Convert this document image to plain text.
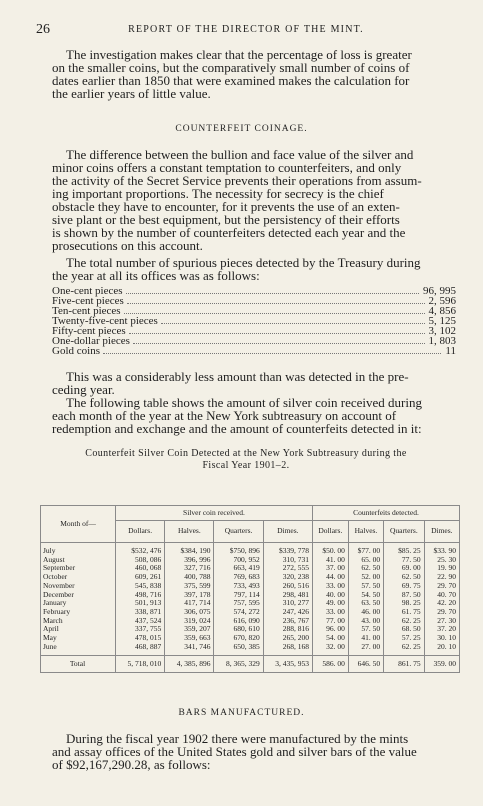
26	REPORT OF THE DIRECTOR OF THE MINT.
The investigation makes clear that the percentage of loss is greater
on the smaller coins, but the comparatively small number of coins of
dates earlier than 1850 that were examined makes the calculation for
the earlier years of little value.
COUNTERFEIT COINAGE.
The difference between the bullion and face value of the silver and
minor coins offers a constant temptation to counterfeiters, and only
the activity of the Secret Service prevents their operations from assum-
ing important proportions. The necessity for secrecy is the chief
obstacle they have to encounter, for it prevents the use of an exten-
sive plant or the best equipment, but the persistency of their efforts
is shown by the number of counterfeiters detected each year and the
prosecutions on this account.
The total number of spurious pieces detected by the Treasury during
the year at all its offices was as follows:
One-cent pieces	96, 995
Five-cent pieces	2, 596
Ten-cent pieces	4, 856
Twenty-five-cent pieces	5, 125
Fifty-cent pieces	3, 102
One-dollar pieces	1, 803
Gold coins	11
This was a considerably less amount than was detected in the pre-
ceding year.
The following table shows the amount of silver coin received during
each month of the year at the New York subtreasury on account of
redemption and exchange and the amount of counterfeits detected in it:
Counterfeit Silver Coin Detected at the New York Subtreasury during the
Fiscal Year 1901–2.
Month of—	Silver coin received.				Counterfeits detected.			
	Dollars.	Halves.	Quarters.	Dimes.	Dollars.	Halves.	Quarters.	Dimes.
July	$532, 476	$384, 190	$750, 896	$339, 778	$50. 00	$77. 00	$85. 25	$33. 90
August	508, 086	396, 996	700, 952	310, 731	41. 00	65. 00	77. 50	25. 30
September	460, 068	327, 716	663, 419	272, 555	37. 00	62. 50	69. 00	19. 90
October	609, 261	400, 788	769, 683	320, 238	44. 00	52. 00	62. 50	22. 90
November	545, 838	375, 599	733, 493	260, 516	33. 00	57. 50	69. 75	29. 70
December	498, 716	397, 178	797, 114	298, 481	40. 00	54. 50	87. 50	40. 70
January	501, 913	417, 714	757, 595	310, 277	49. 00	63. 50	98. 25	42. 20
February	338, 871	306, 075	574, 272	247, 426	33. 00	46. 00	61. 75	29. 70
March	437, 524	319, 024	616, 090	236, 767	77. 00	43. 00	62. 25	27. 30
April	337, 755	359, 207	680, 610	288, 816	96. 00	57. 50	68. 50	37. 20
May	478, 015	359, 663	670, 820	265, 200	54. 00	41. 00	57. 25	30. 10
June	468, 887	341, 746	650, 385	268, 168	32. 00	27. 00	62. 25	20. 10
Total	5, 718, 010	4, 385, 896	8, 365, 329	3, 435, 953	586. 00	646. 50	861. 75	359. 00
BARS MANUFACTURED.
During the fiscal year 1902 there were manufactured by the mints
and assay offices of the United States gold and silver bars of the value
of $92,167,290.28, as follows:
